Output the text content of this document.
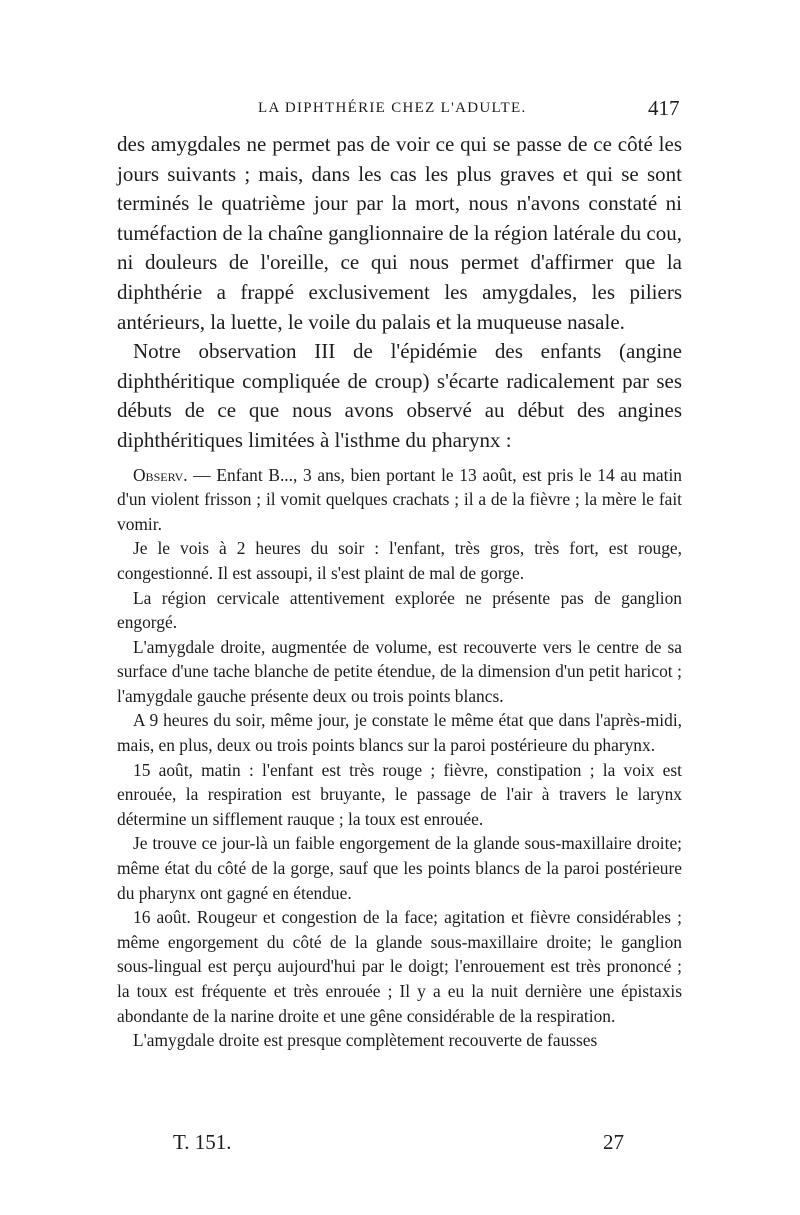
LA DIPHTHÉRIE CHEZ L'ADULTE.	417

des amygdales ne permet pas de voir ce qui se passe de ce côté les jours suivants ; mais, dans les cas les plus graves et qui se sont terminés le quatrième jour par la mort, nous n'avons constaté ni tuméfaction de la chaîne ganglionnaire de la région latérale du cou, ni douleurs de l'oreille, ce qui nous permet d'affirmer que la diphthérie a frappé exclusivement les amygdales, les piliers antérieurs, la luette, le voile du palais et la muqueuse nasale.

Notre observation III de l'épidémie des enfants (angine diphthéritique compliquée de croup) s'écarte radicalement par ses débuts de ce que nous avons observé au début des angines diphthéritiques limitées à l'isthme du pharynx :

Observ. — Enfant B..., 3 ans, bien portant le 13 août, est pris le 14 au matin d'un violent frisson ; il vomit quelques crachats ; il a de la fièvre ; la mère le fait vomir.

Je le vois à 2 heures du soir : l'enfant, très gros, très fort, est rouge, congestionné. Il est assoupi, il s'est plaint de mal de gorge.

La région cervicale attentivement explorée ne présente pas de ganglion engorgé.

L'amygdale droite, augmentée de volume, est recouverte vers le centre de sa surface d'une tache blanche de petite étendue, de la dimension d'un petit haricot ; l'amygdale gauche présente deux ou trois points blancs.

A 9 heures du soir, même jour, je constate le même état que dans l'après-midi, mais, en plus, deux ou trois points blancs sur la paroi postérieure du pharynx.

15 août, matin : l'enfant est très rouge ; fièvre, constipation ; la voix est enrouée, la respiration est bruyante, le passage de l'air à travers le larynx détermine un sifflement rauque ; la toux est enrouée.

Je trouve ce jour-là un faible engorgement de la glande sous-maxillaire droite; même état du côté de la gorge, sauf que les points blancs de la paroi postérieure du pharynx ont gagné en étendue.

16 août. Rougeur et congestion de la face; agitation et fièvre considérables ; même engorgement du côté de la glande sous-maxillaire droite; le ganglion sous-lingual est perçu aujourd'hui par le doigt; l'enrouement est très prononcé ; la toux est fréquente et très enrouée ; Il y a eu la nuit dernière une épistaxis abondante de la narine droite et une gêne considérable de la respiration.

L'amygdale droite est presque complètement recouverte de fausses

T. 151.	27
